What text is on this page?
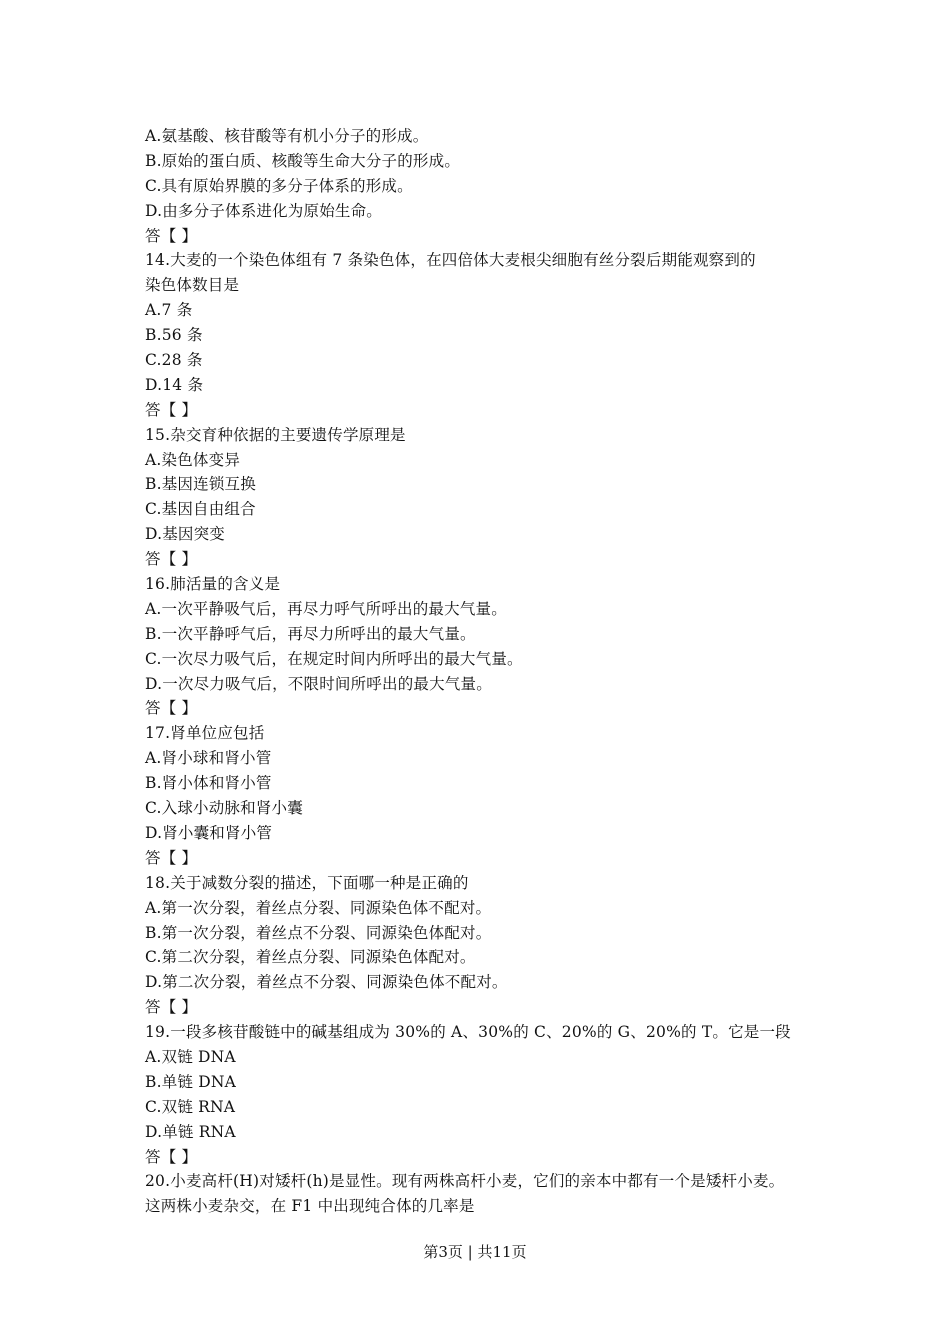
A.氨基酸、核苷酸等有机小分子的形成。
B.原始的蛋白质、核酸等生命大分子的形成。
C.具有原始界膜的多分子体系的形成。
D.由多分子体系进化为原始生命。
答【 】
14.大麦的一个染色体组有 7 条染色体，在四倍体大麦根尖细胞有丝分裂后期能观察到的
染色体数目是
A.7 条
B.56 条
C.28 条
D.14 条
答【 】
15.杂交育种依据的主要遗传学原理是
A.染色体变异
B.基因连锁互换
C.基因自由组合
D.基因突变
答【 】
16.肺活量的含义是
A.一次平静吸气后，再尽力呼气所呼出的最大气量。
B.一次平静呼气后，再尽力所呼出的最大气量。
C.一次尽力吸气后，在规定时间内所呼出的最大气量。
D.一次尽力吸气后，不限时间所呼出的最大气量。
答【 】
17.肾单位应包括
A.肾小球和肾小管
B.肾小体和肾小管
C.入球小动脉和肾小囊
D.肾小囊和肾小管
答【 】
18.关于减数分裂的描述，下面哪一种是正确的
A.第一次分裂，着丝点分裂、同源染色体不配对。
B.第一次分裂，着丝点不分裂、同源染色体配对。
C.第二次分裂，着丝点分裂、同源染色体配对。
D.第二次分裂，着丝点不分裂、同源染色体不配对。
答【 】
19.一段多核苷酸链中的碱基组成为 30%的 A、30%的 C、20%的 G、20%的 T。它是一段
A.双链 DNA
B.单链 DNA
C.双链 RNA
D.单链 RNA
答【 】
20.小麦高杆(H)对矮杆(h)是显性。现有两株高杆小麦，它们的亲本中都有一个是矮杆小麦。
这两株小麦杂交，在 F1 中出现纯合体的几率是
第3页 | 共11页
